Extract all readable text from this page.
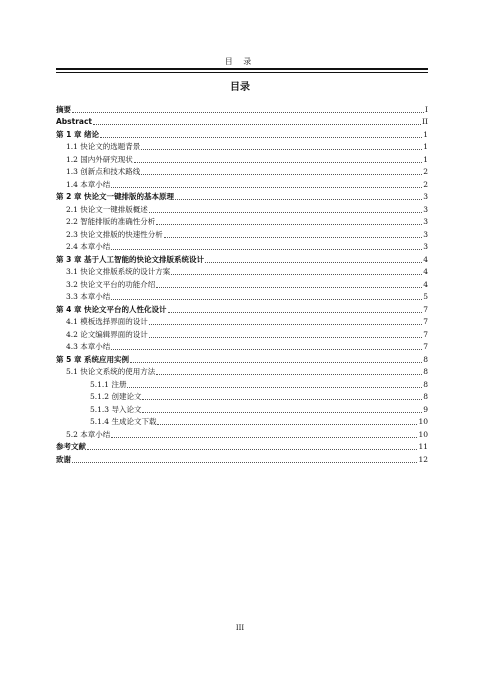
目 录
目录
摘要	I
Abstract	II
第 1 章 绪论	1
1.1 快论文的选题背景	1
1.2 国内外研究现状	1
1.3 创新点和技术路线	2
1.4 本章小结	2
第 2 章 快论文一键排版的基本原理	3
2.1 快论文一键排版概述	3
2.2 智能排版的准确性分析	3
2.3 快论文排版的快速性分析	3
2.4 本章小结	3
第 3 章 基于人工智能的快论文排版系统设计	4
3.1 快论文排版系统的设计方案	4
3.2 快论文平台的功能介绍	4
3.3 本章小结	5
第 4 章 快论文平台的人性化设计	7
4.1 模板选择界面的设计	7
4.2 论文编辑界面的设计	7
4.3 本章小结	7
第 5 章 系统应用实例	8
5.1 快论文系统的使用方法	8
5.1.1 注册	8
5.1.2 创建论文	8
5.1.3 导入论文	9
5.1.4 生成论文下载	10
5.2 本章小结	10
参考文献	11
致谢	12
III
